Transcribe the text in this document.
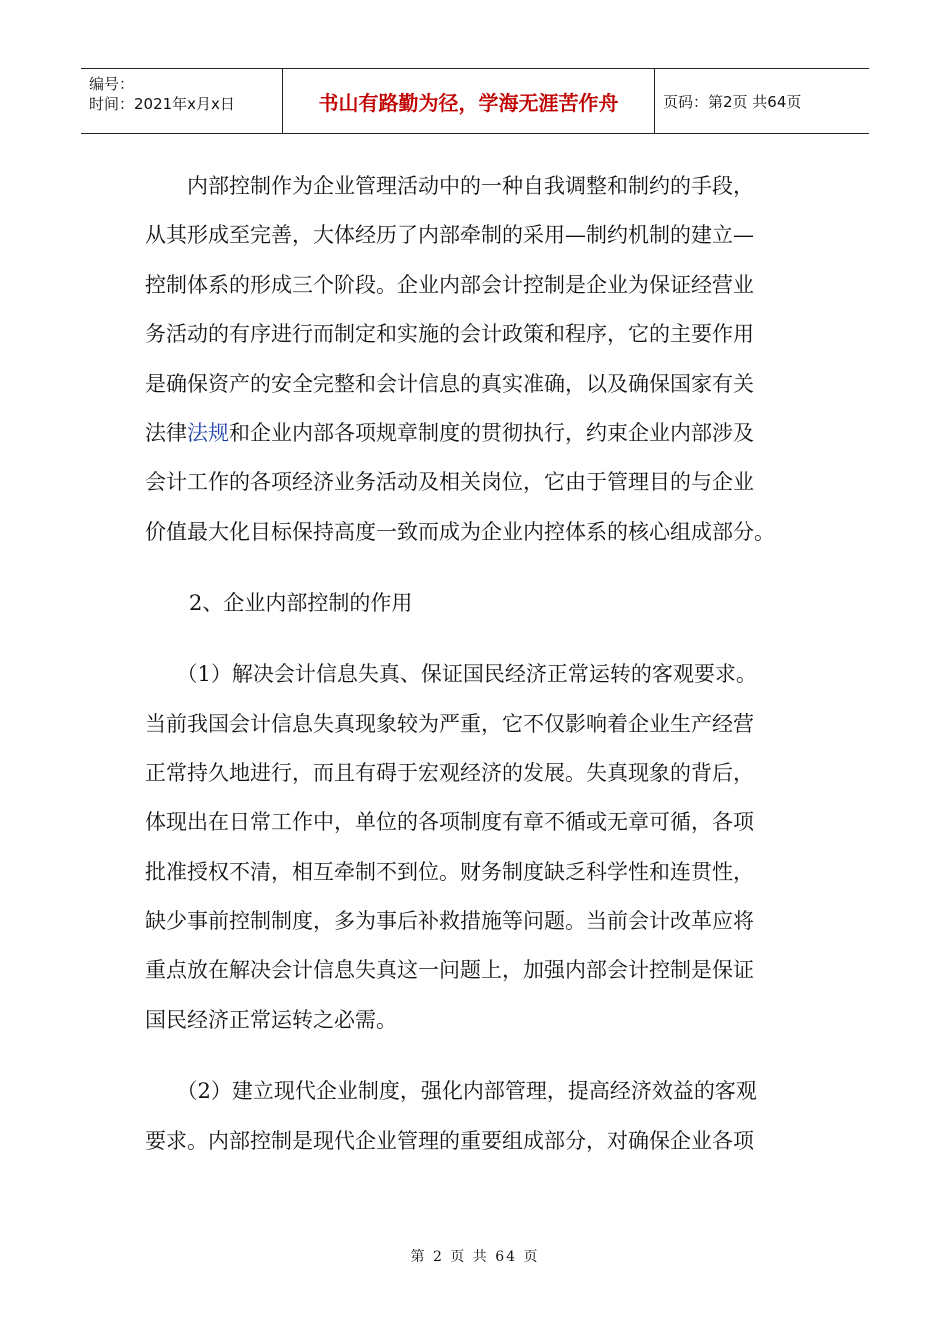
编号：
时间：2021年x月x日	书山有路勤为径，学海无涯苦作舟	页码：第2页 共64页
　　内部控制作为企业管理活动中的一种自我调整和制约的手段，
从其形成至完善，大体经历了内部牵制的采用—制约机制的建立—
控制体系的形成三个阶段。企业内部会计控制是企业为保证经营业
务活动的有序进行而制定和实施的会计政策和程序，它的主要作用
是确保资产的安全完整和会计信息的真实准确，以及确保国家有关
法律法规和企业内部各项规章制度的贯彻执行，约束企业内部涉及
会计工作的各项经济业务活动及相关岗位，它由于管理目的与企业
价值最大化目标保持高度一致而成为企业内控体系的核心组成部分。
2、企业内部控制的作用
　　（1）解决会计信息失真、保证国民经济正常运转的客观要求。
当前我国会计信息失真现象较为严重，它不仅影响着企业生产经营
正常持久地进行，而且有碍于宏观经济的发展。失真现象的背后，
体现出在日常工作中，单位的各项制度有章不循或无章可循，各项
批准授权不清，相互牵制不到位。财务制度缺乏科学性和连贯性，
缺少事前控制制度，多为事后补救措施等问题。当前会计改革应将
重点放在解决会计信息失真这一问题上，加强内部会计控制是保证
国民经济正常运转之必需。
　　（2）建立现代企业制度，强化内部管理，提高经济效益的客观
要求。内部控制是现代企业管理的重要组成部分，对确保企业各项
第 2 页 共 64 页
